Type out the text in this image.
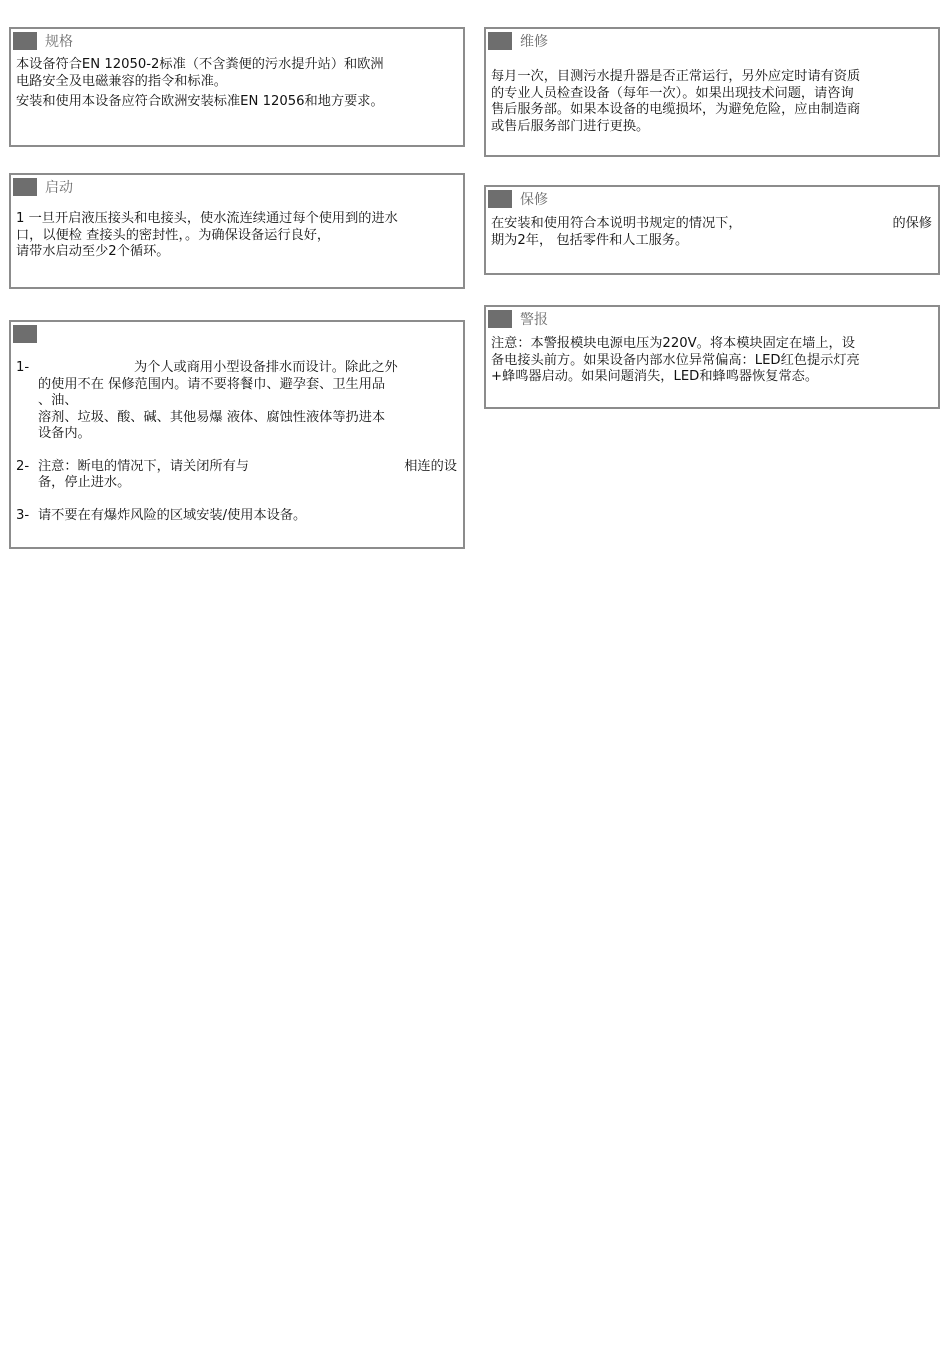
规格

本设备符合EN 12050-2标准（不含粪便的污水提升站）和欧洲

电路安全及电磁兼容的指令和标准。

安装和使用本设备应符合欧洲安装标准EN 12056和地方要求。

启动

1 一旦开启液压接头和电接头，使水流连续通过每个使用到的进水

口，以便检 查接头的密封性，。为确保设备运行良好，

请带水启动至少2个循环。

1-	为个人或商用小型设备排水而设计。除此之外

的使用不在 保修范围内。请不要将餐巾、避孕套、卫生用品

、油、

溶剂、垃圾、酸、碱、其他易爆 液体、腐蚀性液体等扔进本

设备内。

2- 注意：断电的情况下，请关闭所有与	相连的设

备，停止进水。

3- 请不要在有爆炸风险的区域安装/使用本设备。

维修

每月一次，目测污水提升器是否正常运行，另外应定时请有资质

的专业人员检查设备（每年一次）。如果出现技术问题，请咨询

售后服务部。如果本设备的电缆损坏，为避免危险，应由制造商

或售后服务部门进行更换。

保修

在安装和使用符合本说明书规定的情况下，	的保修

期为2年， 包括零件和人工服务。

警报

注意：本警报模块电源电压为220V。将本模块固定在墙上，设

备电接头前方。如果设备内部水位异常偏高：LED红色提示灯亮

+蜂鸣器启动。如果问题消失，LED和蜂鸣器恢复常态。
